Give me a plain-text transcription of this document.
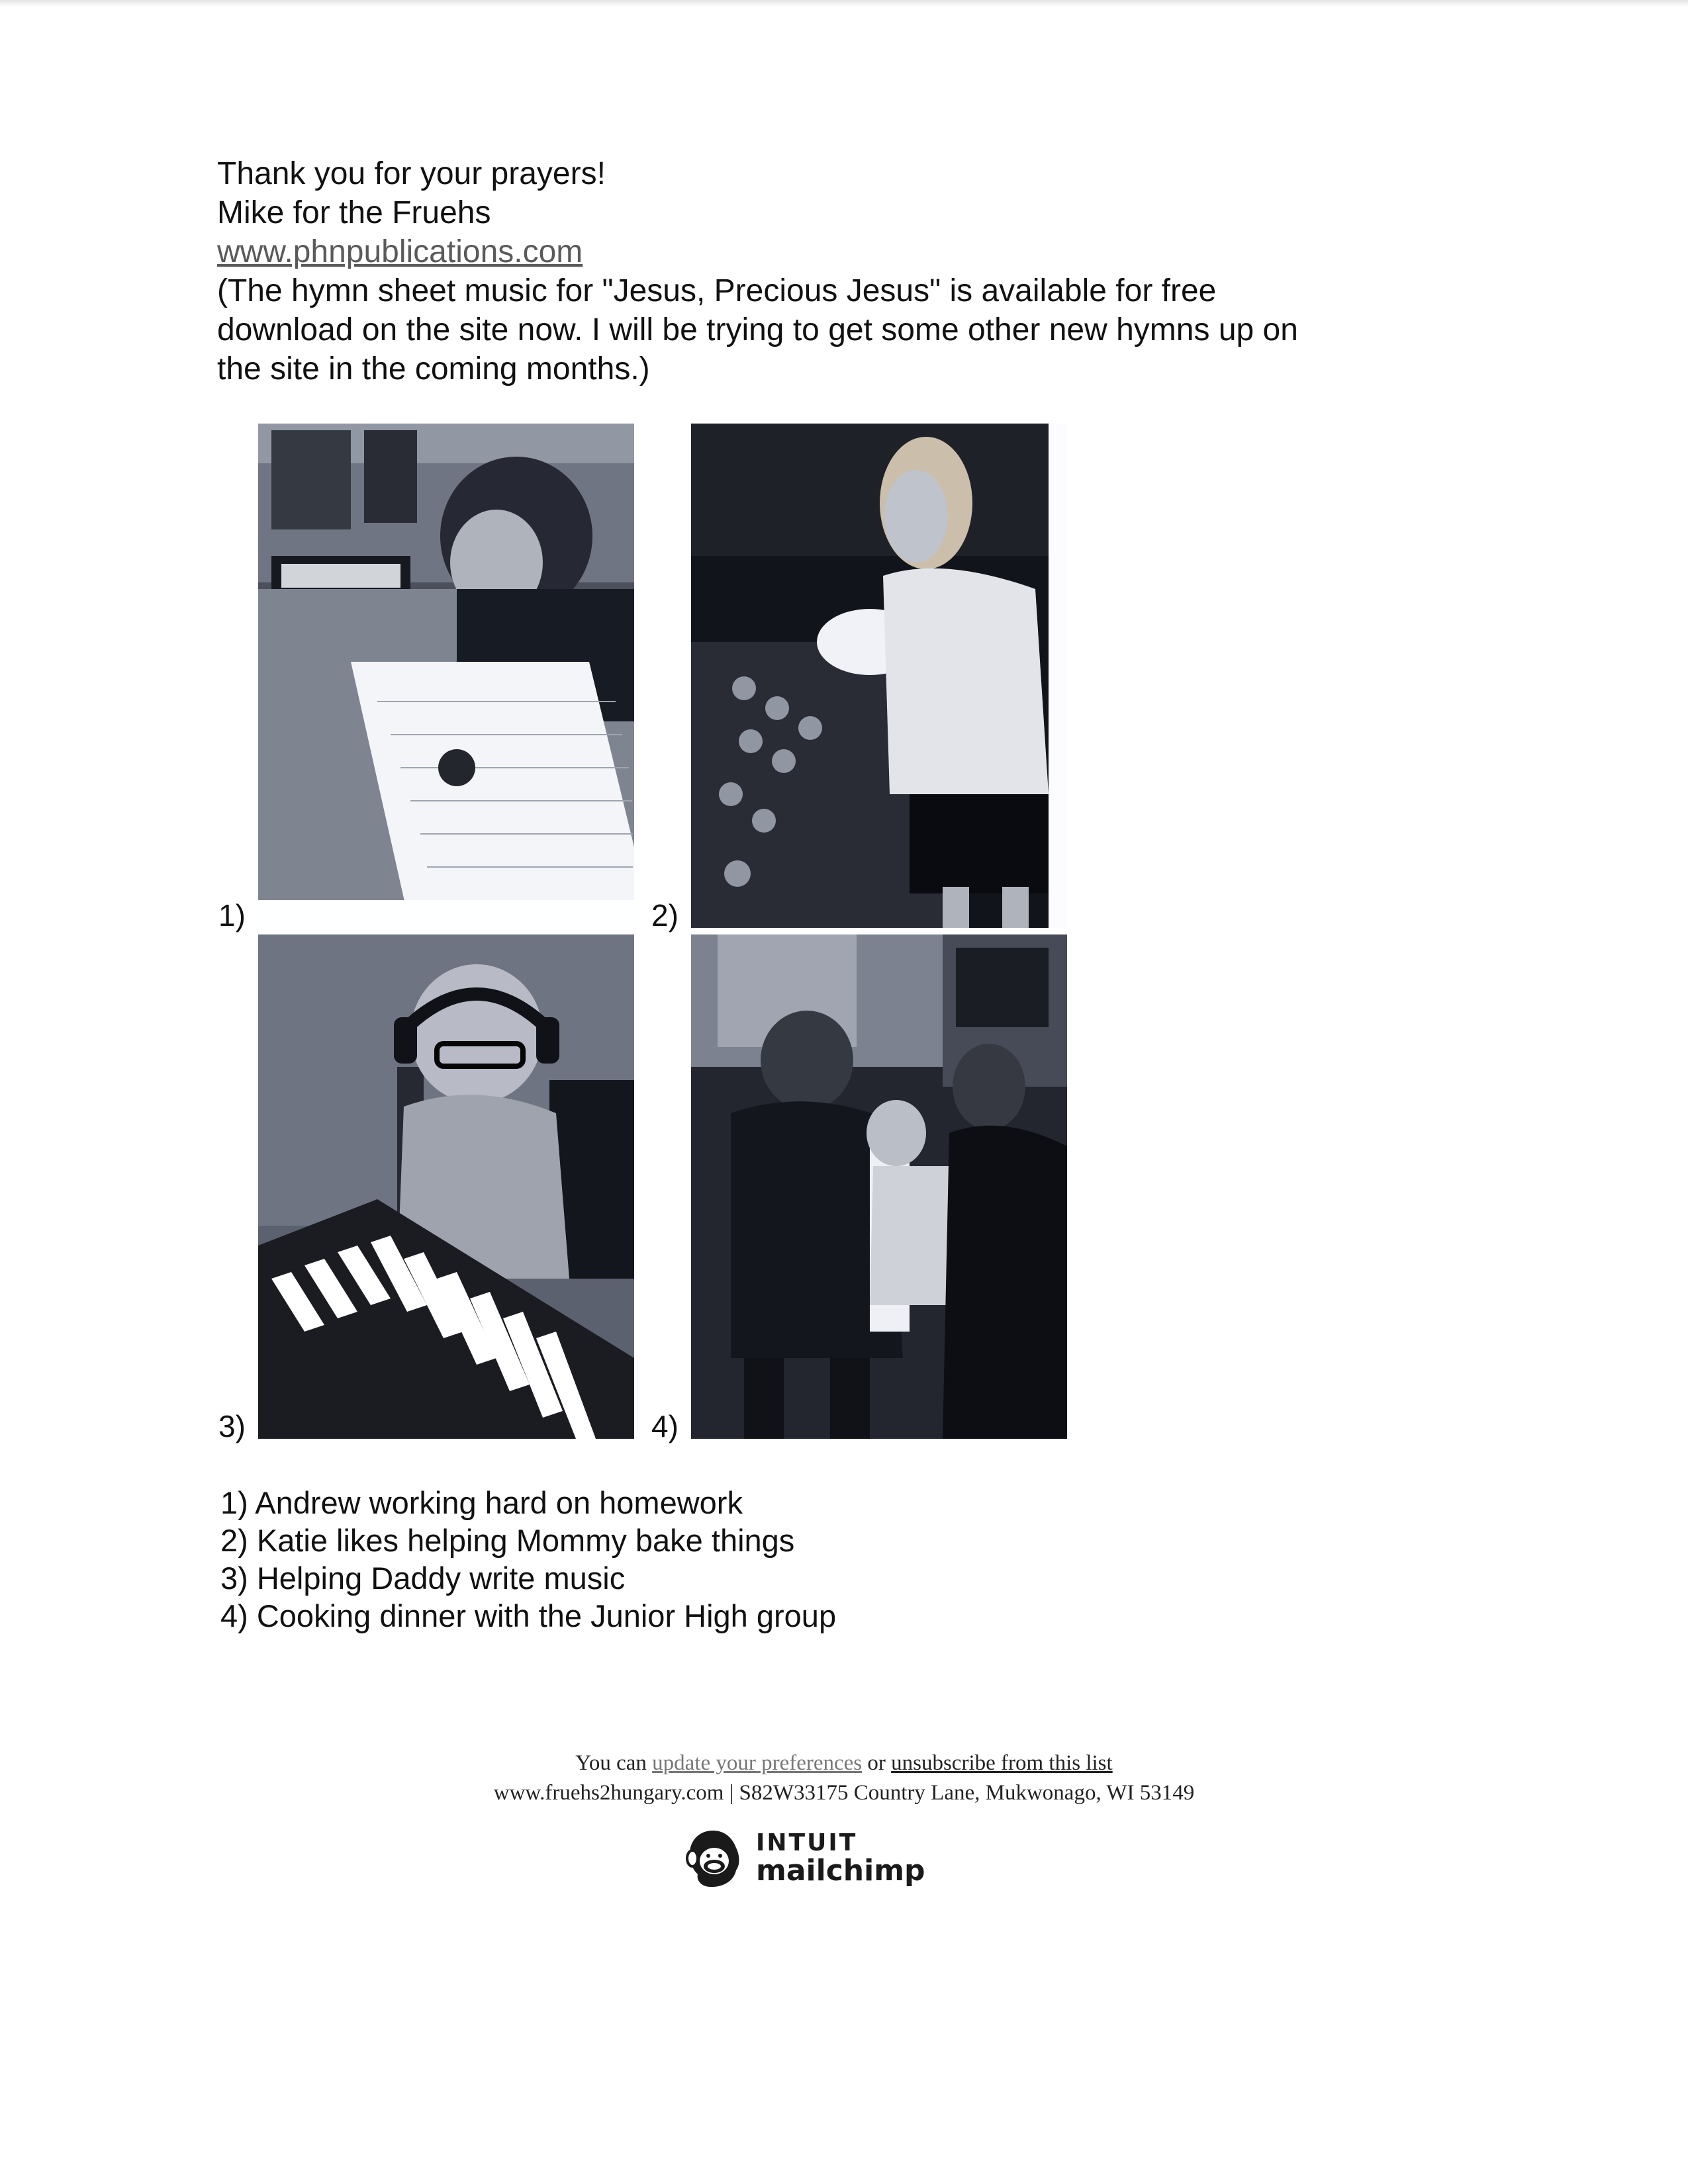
Thank you for your prayers!
Mike for the Fruehs
www.phnpublications.com
(The hymn sheet music for "Jesus, Precious Jesus" is available for free
download on the site now. I will be trying to get some other new hymns up on
the site in the coming months.)
1)	2)
3)	4)
1) Andrew working hard on homework
2) Katie likes helping Mommy bake things
3) Helping Daddy write music
4) Cooking dinner with the Junior High group
You can update your preferences or unsubscribe from this list
www.fruehs2hungary.com | S82W33175 Country Lane, Mukwonago, WI 53149
INTUIT
mailchimp
